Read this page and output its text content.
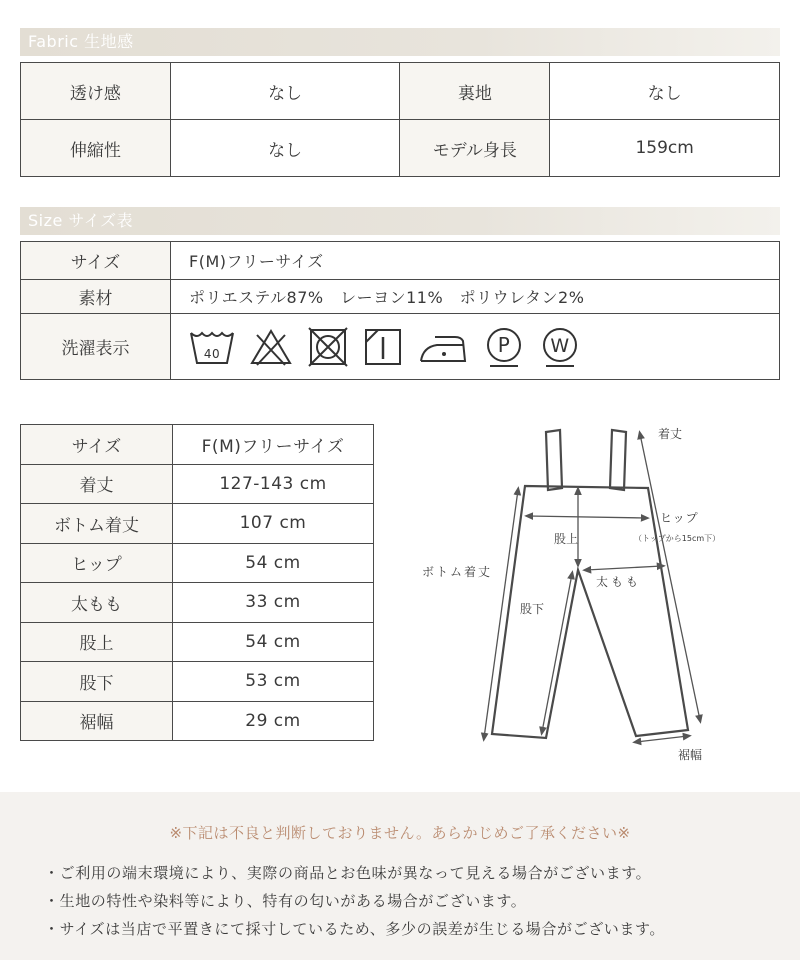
Fabric 生地感
透け感	なし	裏地	なし
伸縮性	なし	モデル身長	159cm
Size サイズ表
サイズ	F(M)フリーサイズ
素材	ポリエステル87%　レーヨン11%　ポリウレタン2%
洗濯表示	40 P W
サイズ	F(M)フリーサイズ
着丈	127-143 cm
ボトム着丈	107 cm
ヒップ	54 cm
太もも	33 cm
股上	54 cm
股下	53 cm
裾幅	29 cm
着丈
ボトム着丈
ヒップ
（トップから15cm下）
股上
太もも
股下
裾幅
※下記は不良と判断しておりません。あらかじめご了承ください※
・ご利用の端末環境により、実際の商品とお色味が異なって見える場合がございます。
・生地の特性や染料等により、特有の匂いがある場合がございます。
・サイズは当店で平置きにて採寸しているため、多少の誤差が生じる場合がございます。
